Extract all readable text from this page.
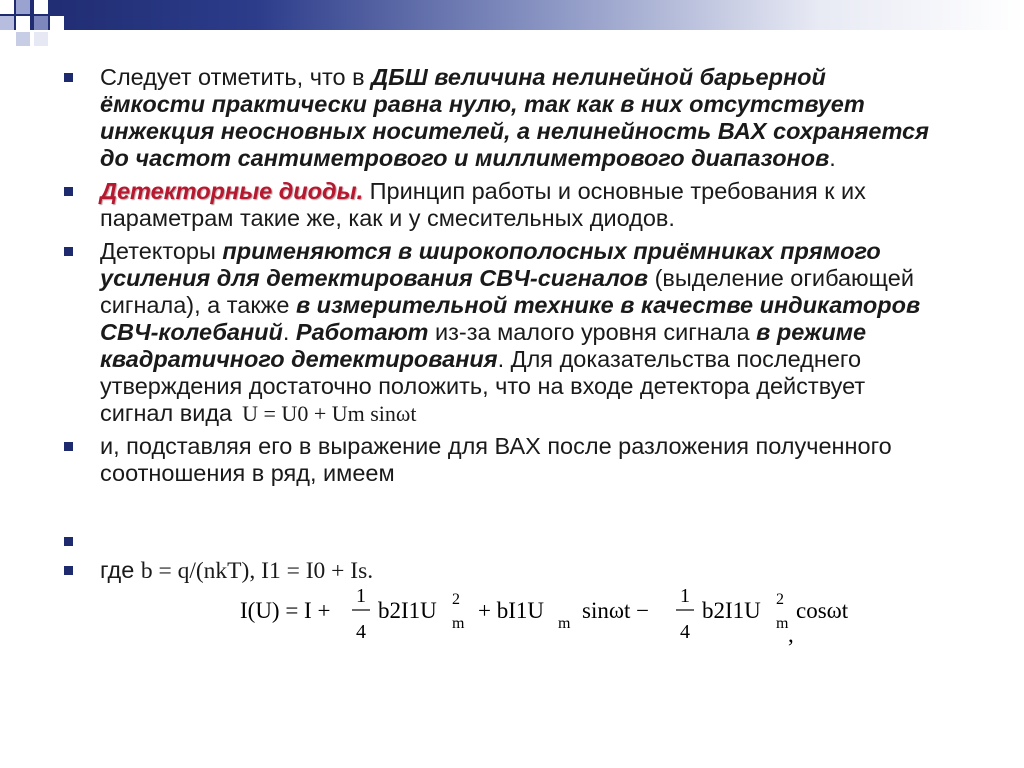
Следует отметить, что в ДБШ величина нелинейной барьерной ёмкости практически равна нулю, так как в них отсутствует инжекция неосновных носителей, а нелинейность ВАХ сохраняется до частот сантиметрового и миллиметрового диапазонов.
Детекторные диоды. Принцип работы и основные требования к их параметрам такие же, как и у смесительных диодов.
Детекторы применяются в широкополосных приёмниках прямого усиления для детектирования СВЧ-сигналов (выделение огибающей сигнала), а также в измерительной технике в качестве индикаторов СВЧ-колебаний. Работают из-за малого уровня сигнала в режиме квадратичного детектирования. Для доказательства последнего утверждения достаточно положить, что на входе детектора действует сигнал вида U = U0 + Um sinωt
и, подставляя его в выражение для ВАХ после разложения полученного соотношения в ряд, имеем
где b = q/(nkT), I1 = I0 + Is.
I(U) = I +
1
4
b2I1U
m
2 + bI1U
m
sinωt −
1
4
b2I1U
m
2 cosωt
,
